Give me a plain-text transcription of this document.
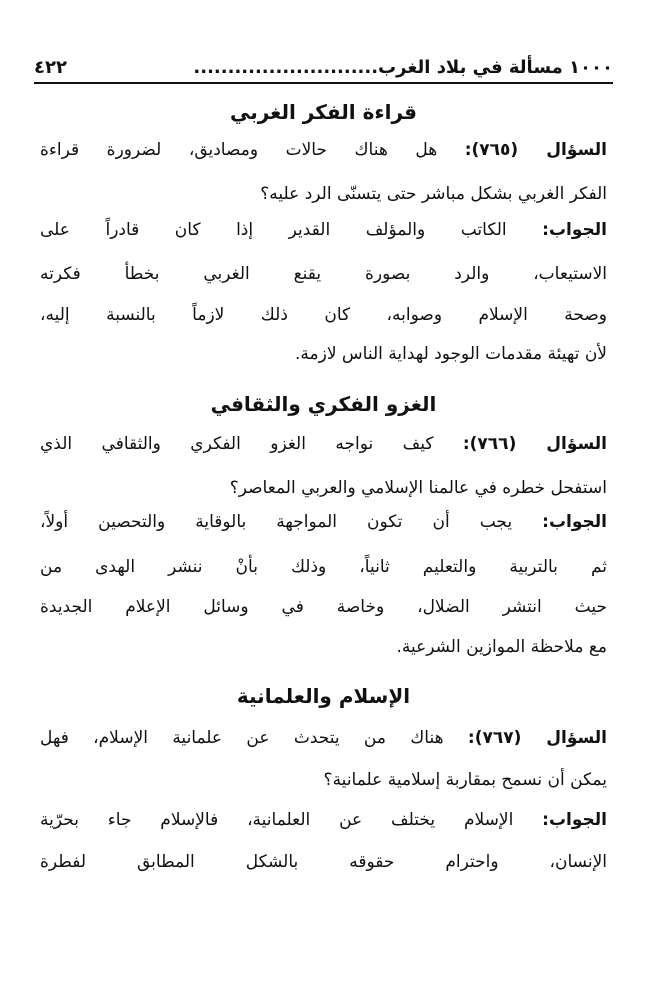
١٠٠٠ مسألة في بلاد الغرب...........................
٤٢٢
قراءة الفكر الغربي
السؤال (٧٦٥): هل هناك حالات ومصاديق، لضرورة قراءة
الفكر الغربي بشكل مباشر حتى يتسنّى الرد عليه؟
الجواب: الكاتب والمؤلف القدير إذا كان قادراً على
الاستيعاب، والرد بصورة يقنع الغربي بخطأ فكرته
وصحة الإسلام وصوابه، كان ذلك لازماً بالنسبة إليه،
لأن تهيئة مقدمات الوجود لهداية الناس لازمة.
الغزو الفكري والثقافي
السؤال (٧٦٦): كيف نواجه الغزو الفكري والثقافي الذي
استفحل خطره في عالمنا الإسلامي والعربي المعاصر؟
الجواب: يجب أن تكون المواجهة بالوقاية والتحصين أولاً،
ثم بالتربية والتعليم ثانياً، وذلك بأنْ ننشر الهدى من
حيث انتشر الضلال، وخاصة في وسائل الإعلام الجديدة
مع ملاحظة الموازين الشرعية.
الإسلام والعلمانية
السؤال (٧٦٧): هناك من يتحدث عن علمانية الإسلام، فهل
يمكن أن نسمح بمقاربة إسلامية علمانية؟
الجواب: الإسلام يختلف عن العلمانية، فالإسلام جاء بحرّية
الإنسان، واحترام حقوقه بالشكل المطابق لفطرة
